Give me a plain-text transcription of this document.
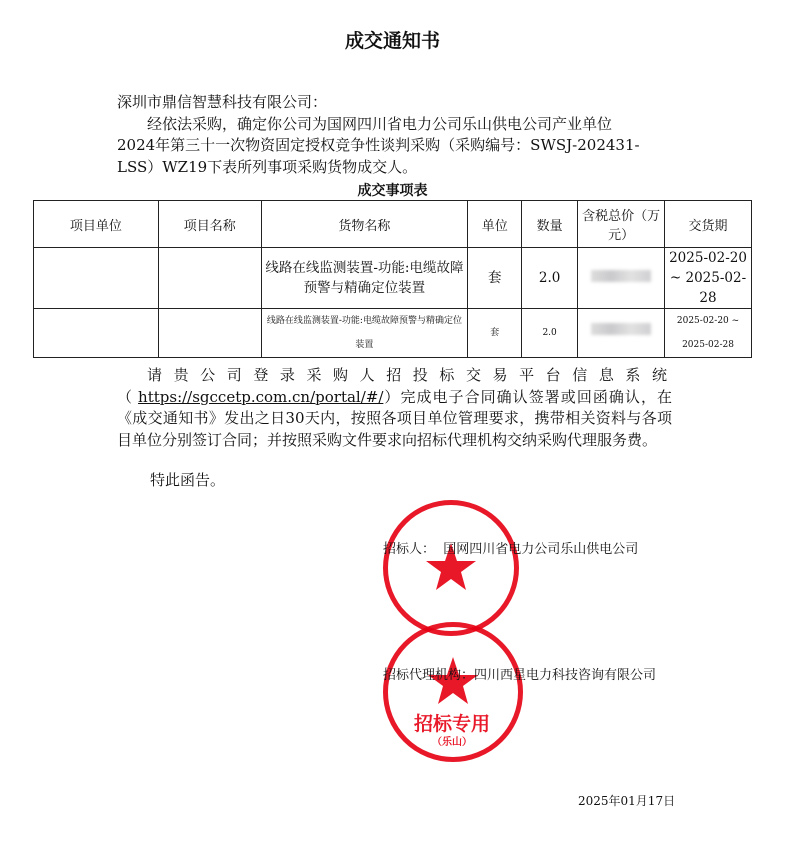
成交通知书
深圳市鼎信智慧科技有限公司：
经依法采购，确定你公司为国网四川省电力公司乐山供电公司产业单位
2024年第三十一次物资固定授权竞争性谈判采购（采购编号：SWSJ-202431-
LSS）WZ19下表所列事项采购货物成交人。
成交事项表
项目单位	项目名称	货物名称	单位	数量	含税总价（万元）	交货期
		线路在线监测装置-功能:电缆故障预警与精确定位装置	套	2.0		2025-02-20 ~ 2025-02-28
		线路在线监测装置-功能:电缆故障预警与精确定位装置	套	2.0		2025-02-20 ~ 2025-02-28
请贵公司登录采购人招投标交易平台信息系统（https://sgccetp.com.cn/portal/#/）完成电子合同确认签署或回函确认，在《成交通知书》发出之日30天内，按照各项目单位管理要求，携带相关资料与各项目单位分别签订合同；并按照采购文件要求向招标代理机构交纳采购代理服务费。
特此函告。
招标专用
（乐山）
招标人： 国网四川省电力公司乐山供电公司
招标代理机构：四川西星电力科技咨询有限公司
2025年01月17日
